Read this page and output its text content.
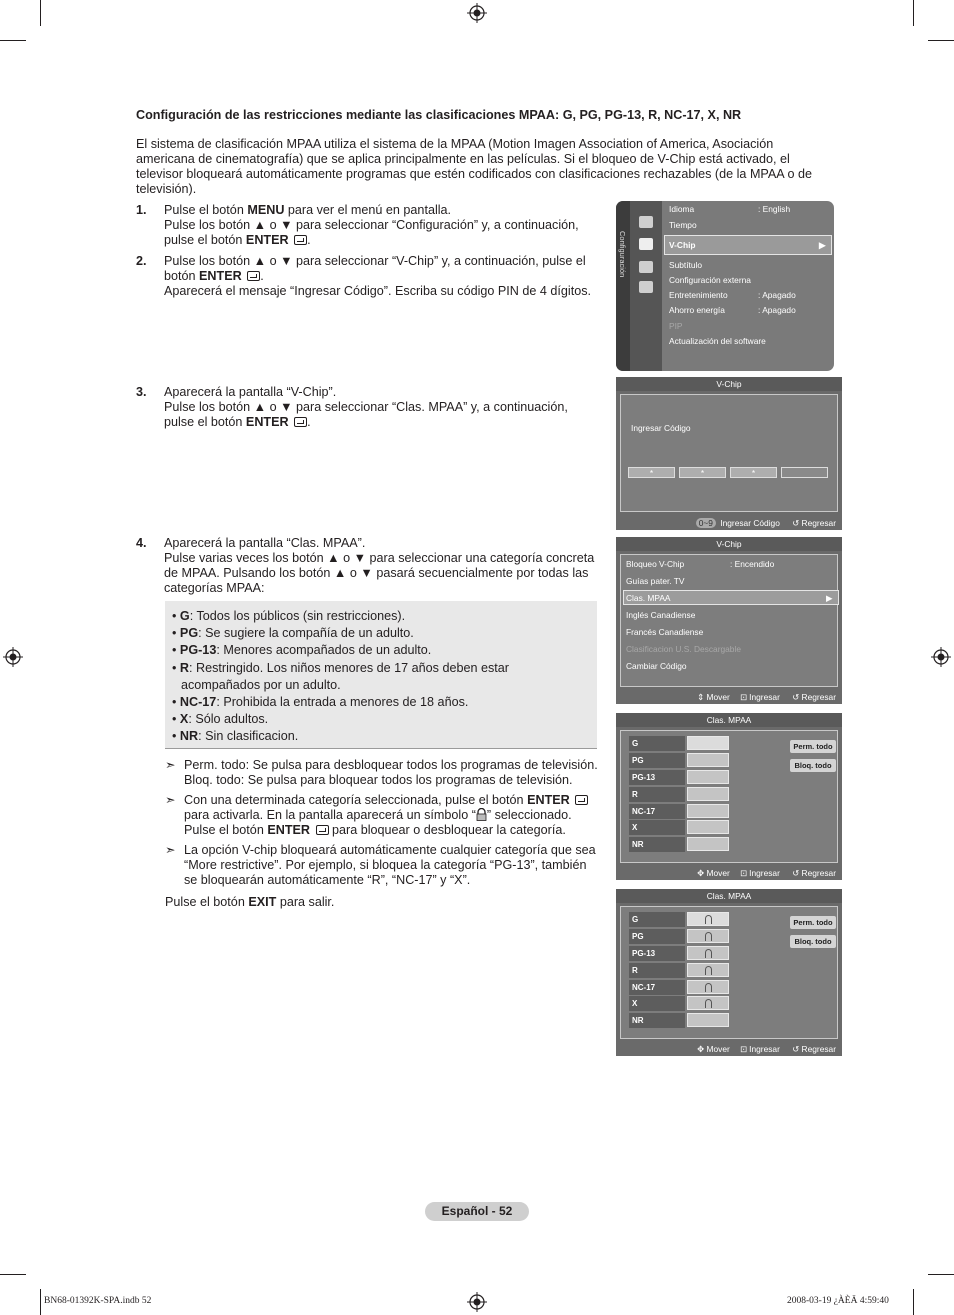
Configuración de las restricciones mediante las clasificaciones MPAA: G, PG, PG-13, R, NC-17, X, NR
El sistema de clasificación MPAA utiliza el sistema de la MPAA (Motion Imagen Association of America, Asociación
americana de cinematografía) que se aplica principalmente en las películas. Si el bloqueo de V-Chip está activado, el
televisor bloqueará automáticamente programas que estén codificados con clasificaciones rechazables (de la MPAA o de
televisión).
1. Pulse el botón MENU para ver el menú en pantalla.
Pulse los botón ▲ o ▼ para seleccionar “Configuración” y, a continuación,
pulse el botón ENTER .
2. Pulse los botón ▲ o ▼ para seleccionar “V-Chip” y, a continuación, pulse el
botón ENTER .
Aparecerá el mensaje “Ingresar Código”. Escriba su código PIN de 4 dígitos.
3. Aparecerá la pantalla “V-Chip”.
Pulse los botón ▲ o ▼ para seleccionar “Clas. MPAA” y, a continuación,
pulse el botón ENTER .
4. Aparecerá la pantalla “Clas. MPAA”.
Pulse varias veces los botón ▲ o ▼ para seleccionar una categoría concreta
de MPAA. Pulsando los botón ▲ o ▼ pasará secuencialmente por todas las
categorías MPAA:
• G: Todos los públicos (sin restricciones).
• PG: Se sugiere la compañía de un adulto.
• PG-13: Menores acompañados de un adulto.
• R: Restringido. Los niños menores de 17 años deben estar
acompañados por un adulto.
• NC-17: Prohibida la entrada a menores de 18 años.
• X: Sólo adultos.
• NR: Sin clasificacion.
➣ Perm. todo: Se pulsa para desbloquear todos los programas de televisión.
Bloq. todo: Se pulsa para bloquear todos los programas de televisión.
➣ Con una determinada categoría seleccionada, pulse el botón ENTER
para activarla. En la pantalla aparecerá un símbolo “ ” seleccionado.
Pulse el botón ENTER  para bloquear o desbloquear la categoría.
➣ La opción V-chip bloqueará automáticamente cualquier categoría que sea
“More restrictive”. Por ejemplo, si bloquea la categoría “PG-13”, también
se bloquearán automáticamente “R”, “NC-17” y “X”.
Pulse el botón EXIT para salir.
Configuración
Idioma	: English
Tiempo
V-Chip	▶
Subtítulo
Configuración externa
Entretenimiento	: Apagado
Ahorro energía	: Apagado
PIP
Actualización del software
V-Chip
Ingresar Código
*	*	*
0~9 Ingresar Código ↺ Regresar
V-Chip
Bloqueo V-Chip	: Encendido
Guías pater. TV
Clas. MPAA	▶
Inglés Canadiense
Francés Canadiense
Clasificacion U.S. Descargable
Cambiar Código
⇕ Mover ⊡ Ingresar ↺ Regresar
Clas. MPAA
G
PG
PG-13
R
NC-17
X
NR
Perm. todo
Bloq. todo
✥ Mover ⊡ Ingresar ↺ Regresar
Clas. MPAA
G
PG
PG-13
R
NC-17
X
NR
Perm. todo
Bloq. todo
✥ Mover ⊡ Ingresar ↺ Regresar
Español - 52
BN68-01392K-SPA.indb 52	2008-03-19 ¿ÀÈÄ 4:59:40
